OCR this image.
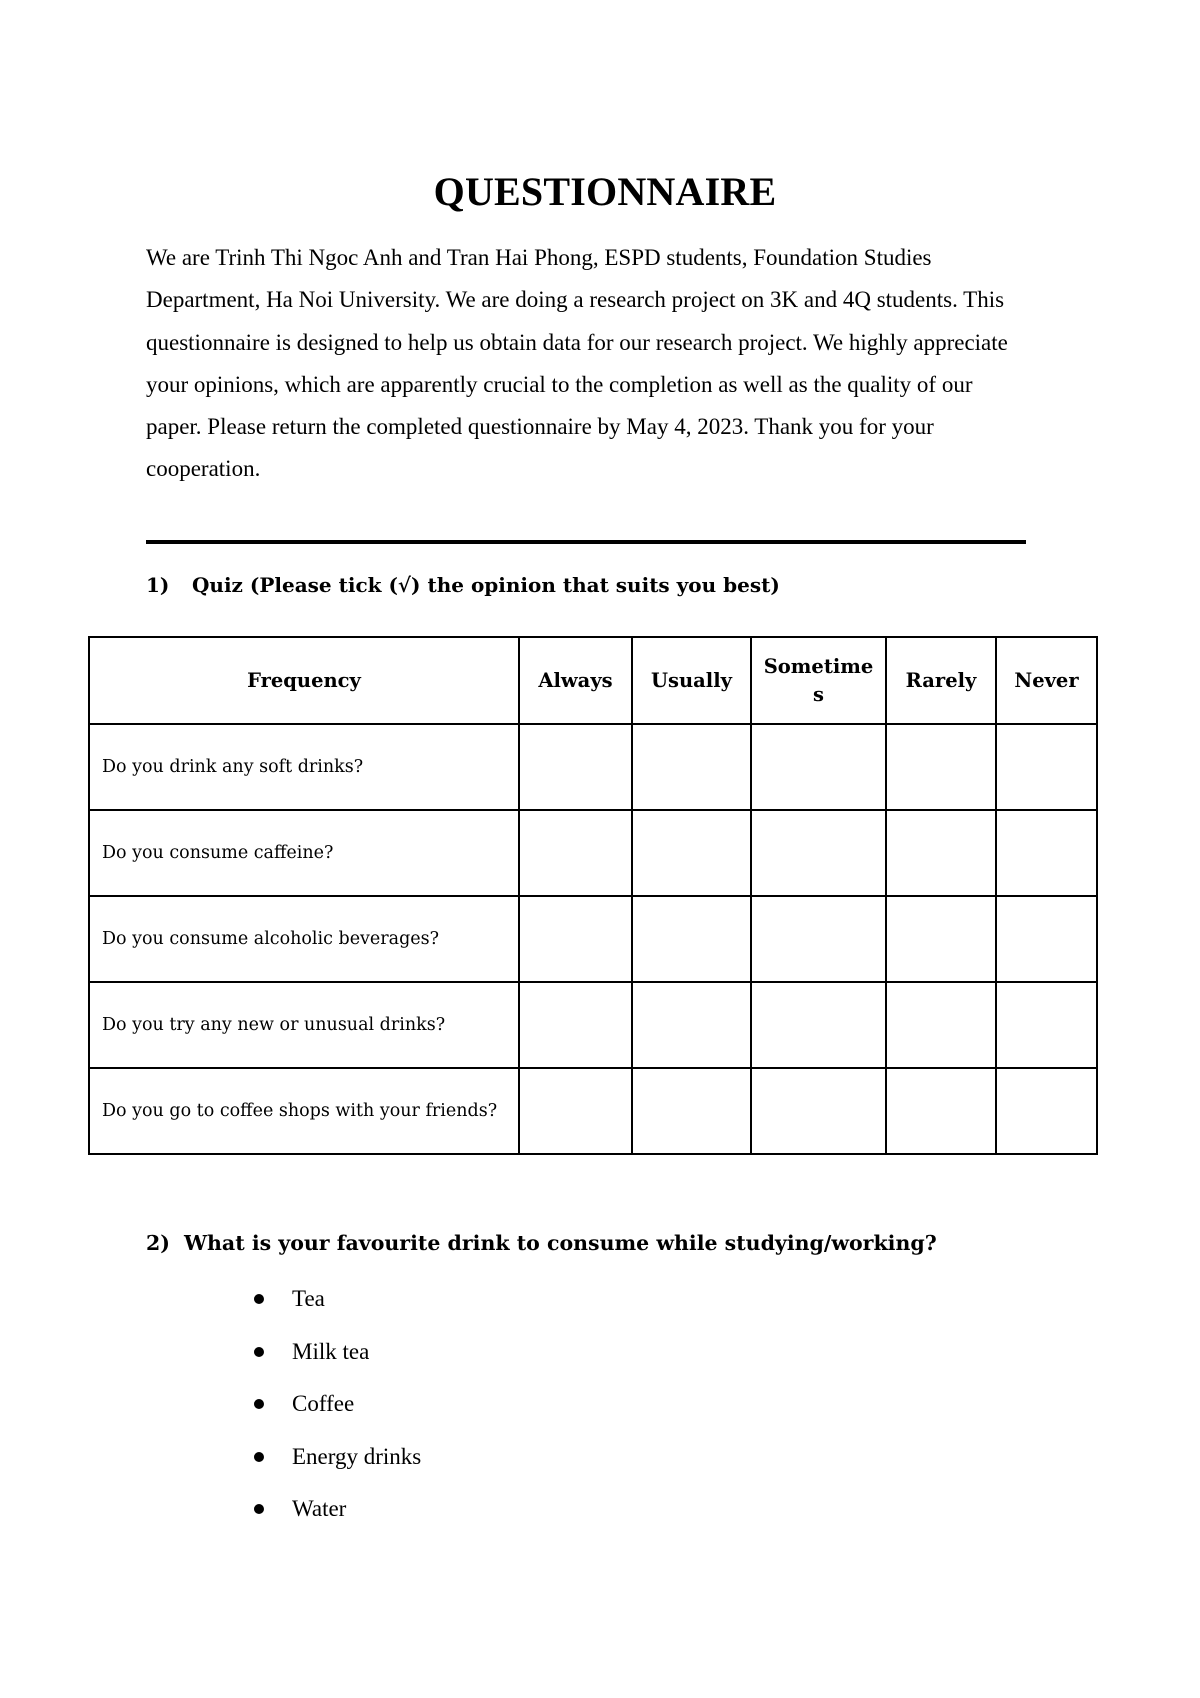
QUESTIONNAIRE

We are Trinh Thi Ngoc Anh and Tran Hai Phong, ESPD students, Foundation Studies
Department, Ha Noi University. We are doing a research project on 3K and 4Q students. This
questionnaire is designed to help us obtain data for our research project. We highly appreciate
your opinions, which are apparently crucial to the completion as well as the quality of our
paper. Please return the completed questionnaire by May 4, 2023. Thank you for your
cooperation.

1) Quiz (Please tick (√) the opinion that suits you best)
Frequency	Always	Usually	Sometimes	Rarely	Never
Do you drink any soft drinks?					
Do you consume caffeine?					
Do you consume alcoholic beverages?					
Do you try any new or unusual drinks?					
Do you go to coffee shops with your friends?					
2) What is your favourite drink to consume while studying/working?
Tea
Milk tea
Coffee
Energy drinks
Water
